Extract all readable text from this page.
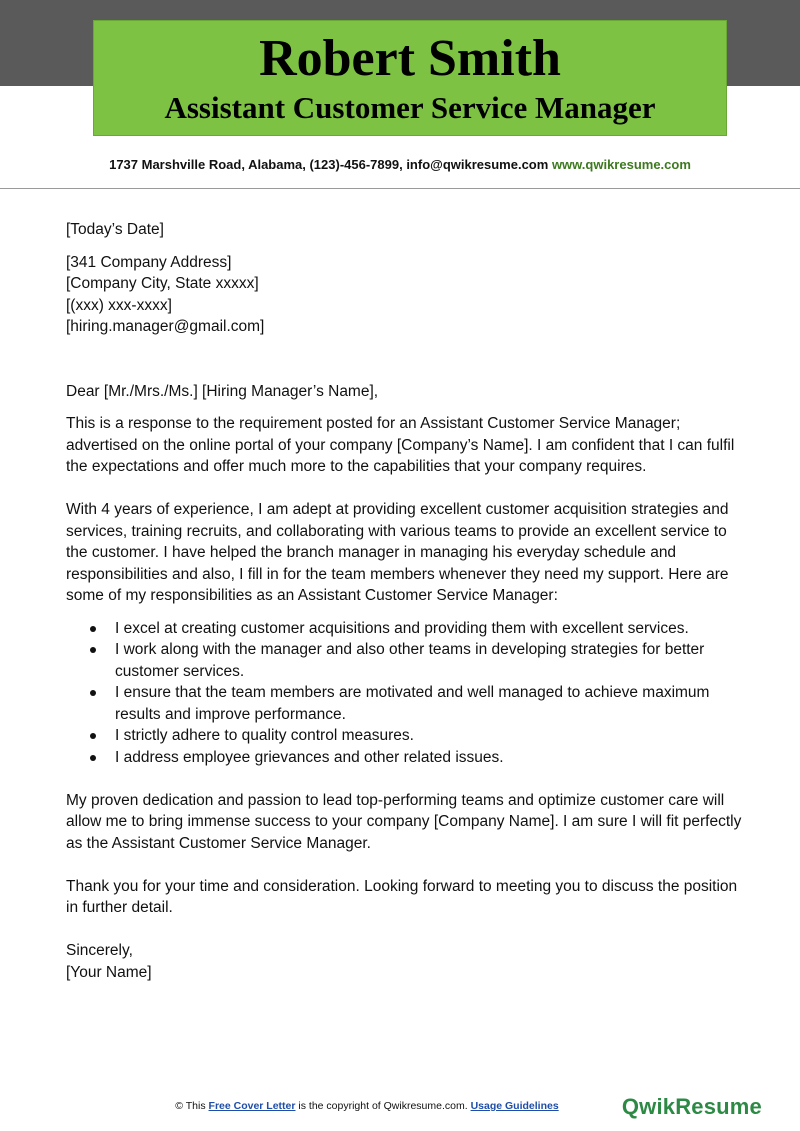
Robert Smith
Assistant Customer Service Manager
1737 Marshville Road, Alabama, (123)-456-7899, info@qwikresume.com www.qwikresume.com

[Today’s Date]

[341 Company Address]

[Company City, State xxxxx]

[(xxx) xxx-xxxx]

[hiring.manager@gmail.com]

Dear [Mr./Mrs./Ms.] [Hiring Manager’s Name],

This is a response to the requirement posted for an Assistant Customer Service Manager; advertised on the online portal of your company [Company’s Name]. I am confident that I can fulfil the expectations and offer much more to the capabilities that your company requires.

With 4 years of experience, I am adept at providing excellent customer acquisition strategies and services, training recruits, and collaborating with various teams to provide an excellent service to the customer. I have helped the branch manager in managing his everyday schedule and responsibilities and also, I fill in for the team members whenever they need my support. Here are some of my responsibilities as an Assistant Customer Service Manager:

I excel at creating customer acquisitions and providing them with excellent services.
I work along with the manager and also other teams in developing strategies for better customer services.
I ensure that the team members are motivated and well managed to achieve maximum results and improve performance.
I strictly adhere to quality control measures.
I address employee grievances and other related issues.

My proven dedication and passion to lead top-performing teams and optimize customer care will allow me to bring immense success to your company [Company Name]. I am sure I will fit perfectly as the Assistant Customer Service Manager.

Thank you for your time and consideration. Looking forward to meeting you to discuss the position in further detail.

Sincerely,

[Your Name]

© This Free Cover Letter is the copyright of Qwikresume.com. Usage Guidelines	QwikResume
